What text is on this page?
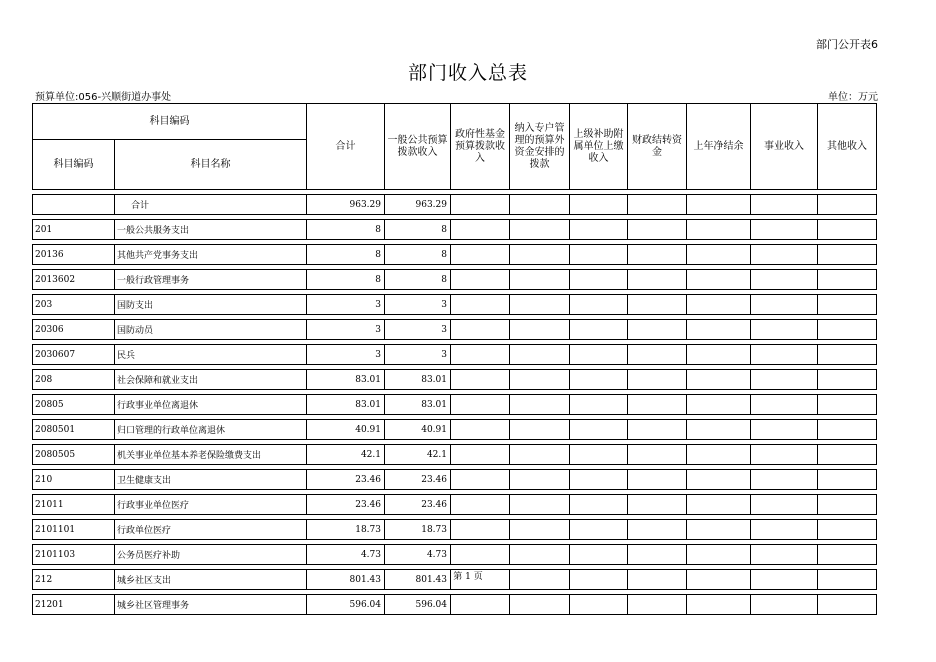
部门公开表6
部门收入总表
预算单位:056-兴顺街道办事处	单位：万元
科目编码		合计	一般公共预算拨款收入	政府性基金预算拨款收入	纳入专户管理的预算外资金安排的拨款	上级补助附属单位上缴收入	财政结转资金	上年净结余	事业收入	其他收入
科目编码	科目名称									

	合计	963.29	963.29							

201	一般公共服务支出	8	8							

20136	其他共产党事务支出	8	8							

2013602	一般行政管理事务	8	8							

203	国防支出	3	3							

20306	国防动员	3	3							

2030607	民兵	3	3							

208	社会保障和就业支出	83.01	83.01							

20805	行政事业单位离退休	83.01	83.01							

2080501	归口管理的行政单位离退休	40.91	40.91							

2080505	机关事业单位基本养老保险缴费支出	42.1	42.1							

210	卫生健康支出	23.46	23.46							

21011	行政事业单位医疗	23.46	23.46							

2101101	行政单位医疗	18.73	18.73							

2101103	公务员医疗补助	4.73	4.73							

212	城乡社区支出	801.43	801.43							

21201	城乡社区管理事务	596.04	596.04							
第 1 页
